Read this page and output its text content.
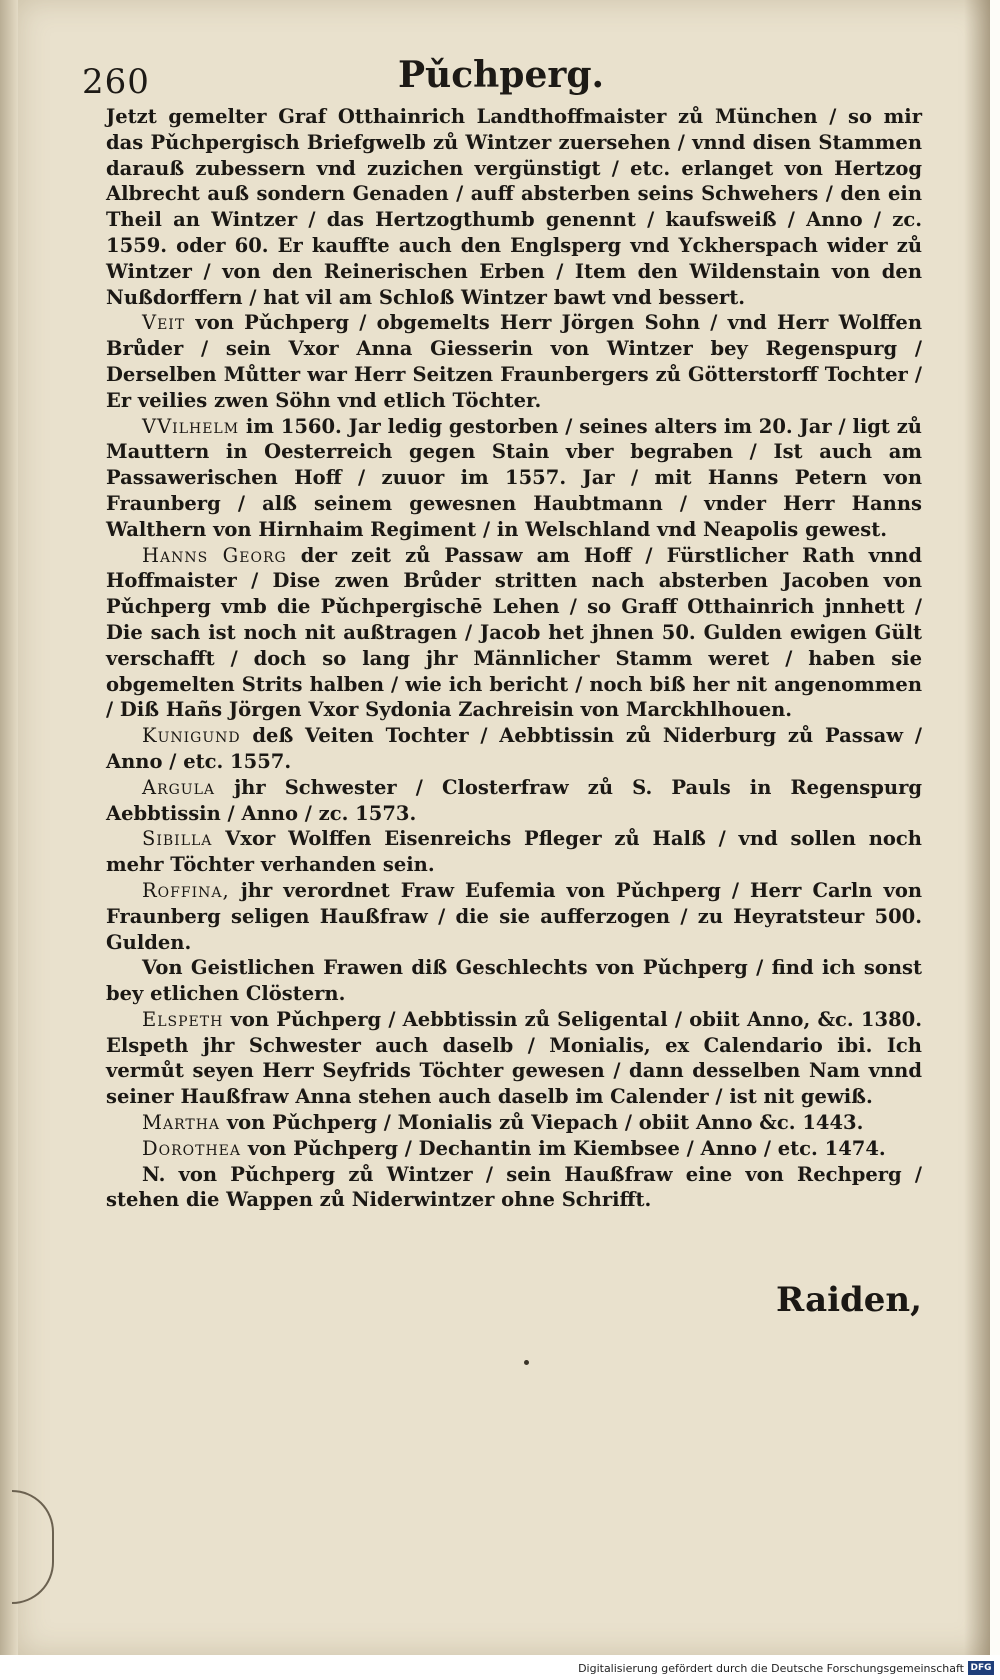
260	Pǔchperg.

Jetzt gemelter Graf Otthainrich Landthoffmaister zů München / so mir das Pǔchpergisch Briefgwelb zů Wintzer zuersehen / vnnd disen Stammen darauß zubessern vnd zuzichen vergünstigt / etc. erlanget von Hertzog Albrecht auß sondern Genaden / auff absterben seins Schwehers / den ein Theil an Wintzer / das Hertzogthumb genennt / kaufsweiß / Anno / zc. 1559. oder 60. Er kauffte auch den Englsperg vnd Yckherspach wider zů Wintzer / von den Reinerischen Erben / Item den Wildenstain von den Nußdorffern / hat vil am Schloß Wintzer bawt vnd bessert.

Veit von Pǔchperg / obgemelts Herr Jörgen Sohn / vnd Herr Wolffen Brůder / sein Vxor Anna Giesserin von Wintzer bey Regenspurg / Derselben Můtter war Herr Seitzen Fraunbergers zů Götterstorff Tochter / Er veilies zwen Söhn vnd etlich Töchter.

VVilhelm im 1560. Jar ledig gestorben / seines alters im 20. Jar / ligt zů Mauttern in Oesterreich gegen Stain vber begraben / Ist auch am Passawerischen Hoff / zuuor im 1557. Jar / mit Hanns Petern von Fraunberg / alß seinem gewesnen Haubtmann / vnder Herr Hanns Walthern von Hirnhaim Regiment / in Welschland vnd Neapolis gewest.

Hanns Georg der zeit zů Passaw am Hoff / Fürstlicher Rath vnnd Hoffmaister / Dise zwen Brůder stritten nach absterben Jacoben von Pǔchperg vmb die Pǔchpergischē Lehen / so Graff Otthainrich jnnhett / Die sach ist noch nit außtragen / Jacob het jhnen 50. Gulden ewigen Gült verschafft / doch so lang jhr Männlicher Stamm weret / haben sie obgemelten Strits halben / wie ich bericht / noch biß her nit angenommen / Diß Hañs Jörgen Vxor Sydonia Zachreisin von Marckhlhouen.

Kunigund deß Veiten Tochter / Aebbtissin zů Niderburg zů Passaw / Anno / etc. 1557.

Argula jhr Schwester / Closterfraw zů S. Pauls in Regenspurg Aebbtissin / Anno / zc. 1573.

Sibilla Vxor Wolffen Eisenreichs Pfleger zů Halß / vnd sollen noch mehr Töchter verhanden sein.

Roffina, jhr verordnet Fraw Eufemia von Pǔchperg / Herr Carln von Fraunberg seligen Haußfraw / die sie aufferzogen / zu Heyratsteur 500. Gulden.

Von Geistlichen Frawen diß Geschlechts von Pǔchperg / find ich sonst bey etlichen Clöstern.

Elspeth von Pǔchperg / Aebbtissin zů Seligental / obiit Anno, &c. 1380. Elspeth jhr Schwester auch daselb / Monialis, ex Calendario ibi. Ich vermůt seyen Herr Seyfrids Töchter gewesen / dann desselben Nam vnnd seiner Haußfraw Anna stehen auch daselb im Calender / ist nit gewiß.

Martha von Pǔchperg / Monialis zů Viepach / obiit Anno &c. 1443.

Dorothea von Pǔchperg / Dechantin im Kiembsee / Anno / etc. 1474.

N. von Pǔchperg zů Wintzer / sein Haußfraw eine von Rechperg / stehen die Wappen zů Niderwintzer ohne Schrifft.

Raiden,
Digitalisierung gefördert durch die Deutsche Forschungsgemeinschaft DFG
